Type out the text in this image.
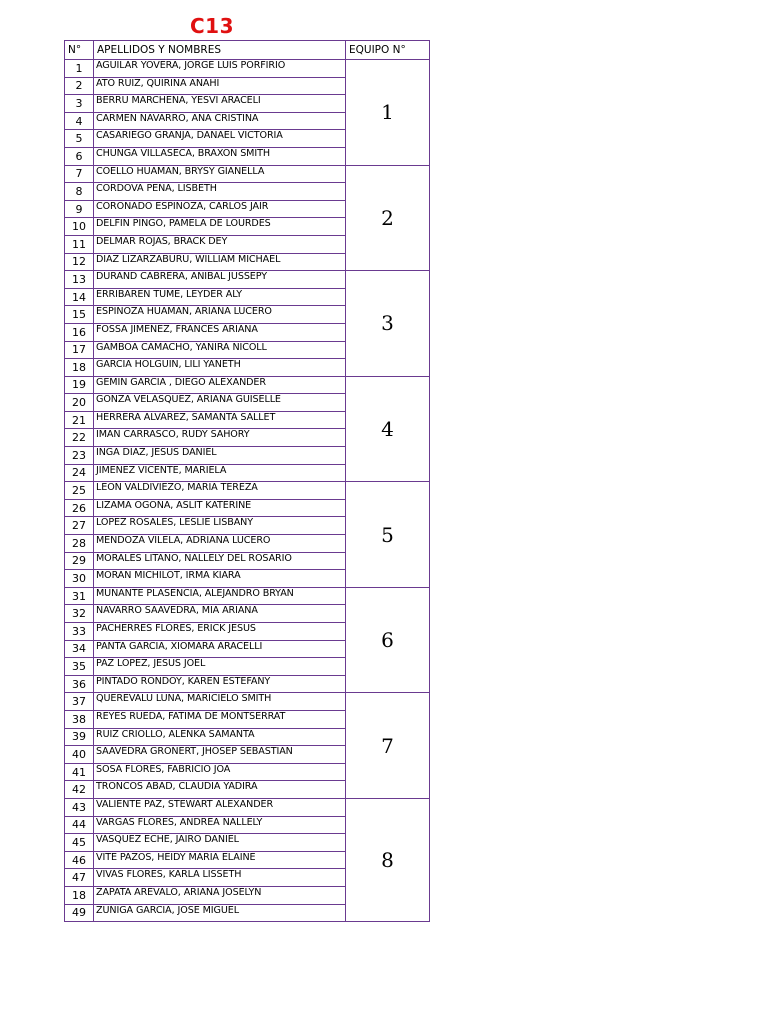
C13
N°	APELLIDOS Y NOMBRES	EQUIPO N°
1	AGUILAR YOVERA, JORGE LUIS PORFIRIO	1
2	ATO RUIZ, QUIRINA ANAHI	
3	BERRU MARCHENA, YESVI ARACELI	
4	CARMEN NAVARRO, ANA CRISTINA	
5	CASARIEGO GRANJA, DANAEL VICTORIA	
6	CHUNGA VILLASECA, BRAXON SMITH	
7	COELLO HUAMAN, BRYSY GIANELLA	2
8	CORDOVA PEÑA, LISBETH	
9	CORONADO ESPINOZA, CARLOS JAIR	
10	DELFIN PINGO, PAMELA DE LOURDES	
11	DELMAR ROJAS, BRACK DEY	
12	DIAZ LIZARZABURU, WILLIAM MICHAEL	
13	DURAND CABRERA, ANIBAL JUSSEPY	3
14	ERRIBAREN TUME, LEYDER ALY	
15	ESPINOZA HUAMAN, ARIANA LUCERO	
16	FOSSA JIMENEZ, FRANCES ARIANA	
17	GAMBOA CAMACHO, YANIRA NICOLL	
18	GARCIA HOLGUIN, LILI YANETH	
19	GEMIN GARCIA , DIEGO ALEXANDER	4
20	GONZA VELASQUEZ, ARIANA GUISELLE	
21	HERRERA ALVAREZ, SAMANTA SALLET	
22	IMAN CARRASCO, RUDY SAHORY	
23	INGA DIAZ, JESUS DANIEL	
24	JIMENEZ VICENTE, MARIELA	
25	LEON VALDIVIEZO, MARIA TEREZA	5
26	LIZAMA OGOÑA, ASLIT KATERINE	
27	LOPEZ ROSALES, LESLIE LISBANY	
28	MENDOZA VILELA, ADRIANA LUCERO	
29	MORALES LITANO, NALLELY DEL ROSARIO	
30	MORAN MICHILOT, IRMA KIARA	
31	MUNANTE PLASENCIA, ALEJANDRO BRYAN	6
32	NAVARRO SAAVEDRA, MIA ARIANA	
33	PACHERRES FLORES, ERICK JESUS	
34	PANTA GARCIA, XIOMARA ARACELLI	
35	PAZ LOPEZ, JESUS JOEL	
36	PINTADO RONDOY, KAREN ESTEFANY	
37	QUEREVALU LUNA, MARICIELO SMITH	7
38	REYES RUEDA, FATIMA DE MONTSERRAT	
39	RUIZ CRIOLLO, ALENKA SAMANTA	
40	SAAVEDRA GRONERT, JHOSEP SEBASTIAN	
41	SOSA FLORES, FABRICIO JOA	
42	TRONCOS ABAD, CLAUDIA YADIRA	
43	VALIENTE PAZ, STEWART ALEXANDER	8
44	VARGAS FLORES, ANDREA NALLELY	
45	VASQUEZ ECHE, JAIRO DANIEL	
46	VITE PAZOS, HEIDY MARIA ELAINE	
47	VIVAS FLORES, KARLA LISSETH	
18	ZAPATA AREVALO, ARIANA JOSELYN	
49	ZUÑIGA GARCIA, JOSE MIGUEL	
